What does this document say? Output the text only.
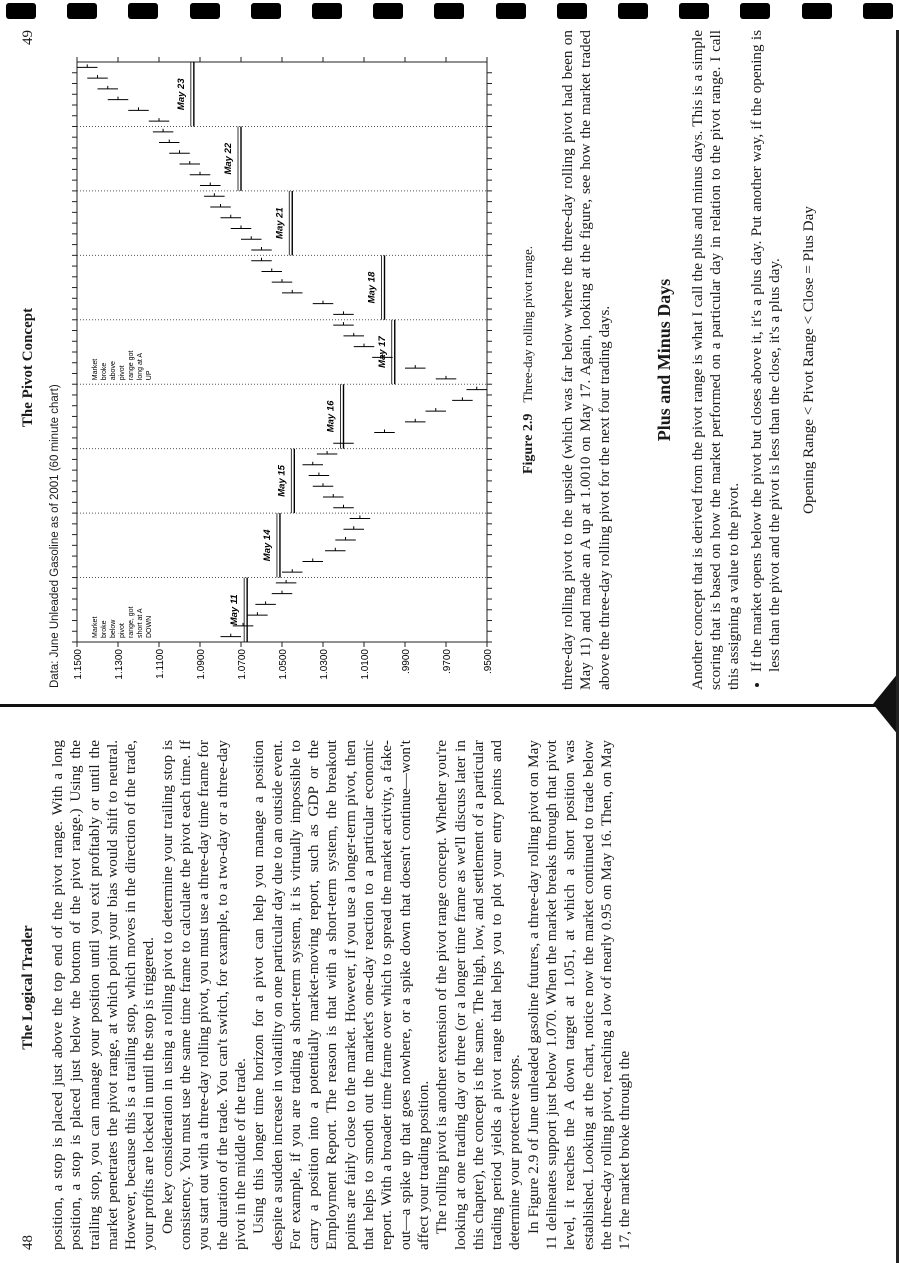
48
The Logical Trader position, a stop is placed just above the top end of the pivot range. With a long position, a stop is placed just below the bottom of the pivot range.) Using the trailing stop, you can manage your position until you exit profitably or until the market penetrates the pivot range, at which point your bias would shift to neutral. However, because this is a trailing stop, which moves in the direction of the trade, your profits are locked in until the stop is triggered. One key consideration in using a rolling pivot to determine your trailing stop is consistency. You must use the same time frame to calculate the pivot each time. If you start out with a three-day rolling pivot, you must use a three-day time frame for the duration of the trade. You can't switch, for example, to a two-day or a three-day pivot in the middle of the trade. Using this longer time horizon for a pivot can help you manage a position despite a sudden increase in volatility on one particular day due to an outside event. For example, if you are trading a short-term system, it is virtually impossible to carry a position into a potentially market-moving report, such as GDP or the Employment Report. The reason is that with a short-term system, the breakout points are fairly close to the market. However, if you use a longer-term pivot, then that helps to smooth out the market's one-day reaction to a particular economic report. With a broader time frame over which to spread the market activity, a fake-out—a spike up that goes nowhere, or a spike down that doesn't continue—won't affect your trading position. The rolling pivot is another extension of the pivot range concept. Whether you're looking at one trading day or three (or a longer time frame as we'll discuss later in this chapter), the concept is the same. The high, low, and settlement of a particular trading period yields a pivot range that helps you to plot your entry points and determine your protective stops. In Figure 2.9 of June unleaded gasoline futures, a three-day rolling pivot on May 11 delineates support just below 1.070. When the market breaks through that pivot level, it reaches the A down target at 1.051, at which a short position was established. Looking at the chart, notice now the market continued to trade below the three-day rolling pivot, reaching a low of nearly 0.95 on May 16. Then, on May 17, the market broke through the

The Pivot Concept
49
Data: June Unleaded Gasoline as of 2001 (60 minute chart) 1.1500	1.1300	1.1100	1.0900	1.0700	1.0500	1.0300	1.0100	.9900	.9700	.9500
May 11
May 14
May 15
May 16
May 17
May 18
May 21
May 22
May 23
Market broke below pivot range, got short at A DOWN
Market broke above pivot range got long at A UP
Figure 2.9 Three-day rolling pivot range. three-day rolling pivot to the upside (which was far below where the three-day rolling pivot had been on May 11) and made an A up at 1.0010 on May 17. Again, looking at the figure, see how the market traded above the three-day rolling pivot for the next four trading days. Plus and Minus Days Another concept that is derived from the pivot range is what I call the plus and minus days. This is a simple scoring that is based on how the market performed on a particular day in relation to the pivot range. I call this assigning a value to the pivot.

• If the market opens below the pivot but closes above it, it's a plus day. Put another way, if the opening is less than the pivot and the pivot is less than the close, it's a plus day. Opening Range < Pivot Range < Close = Plus Day
